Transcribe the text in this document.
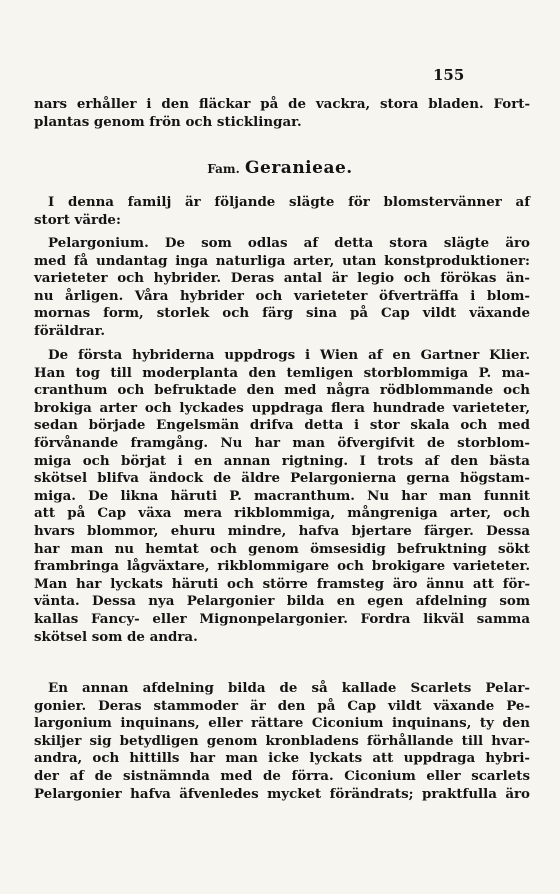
155
nars erhåller i den fläckar på de vackra, stora bladen. Fort-
plantas genom frön och sticklingar.
Fam. Geranieae.
I denna familj är följande slägte för blomstervänner af
stort värde:
Pelargonium. De som odlas af detta stora slägte äro
med få undantag inga naturliga arter, utan konstproduktioner:
varieteter och hybrider. Deras antal är legio och förökas än-
nu årligen. Våra hybrider och varieteter öfverträffa i blom-
mornas form, storlek och färg sina på Cap vildt växande
föräldrar.
De första hybriderna uppdrogs i Wien af en Gartner Klier.
Han tog till moderplanta den temligen storblommiga P. ma-
cranthum och befruktade den med några rödblommande och
brokiga arter och lyckades uppdraga flera hundrade varieteter,
sedan började Engelsmän drifva detta i stor skala och med
förvånande framgång. Nu har man öfvergifvit de storblom-
miga och börjat i en annan rigtning. I trots af den bästa
skötsel blifva ändock de äldre Pelargonierna gerna högstam-
miga. De likna häruti P. macranthum. Nu har man funnit
att på Cap växa mera rikblommiga, mångreniga arter, och
hvars blommor, ehuru mindre, hafva bjertare färger. Dessa
har man nu hemtat och genom ömsesidig befruktning sökt
frambringa lågväxtare, rikblommigare och brokigare varieteter.
Man har lyckats häruti och större framsteg äro ännu att för-
vänta. Dessa nya Pelargonier bilda en egen afdelning som
kallas Fancy- eller Mignonpelargonier. Fordra likväl samma
skötsel som de andra.
En annan afdelning bilda de så kallade Scarlets Pelar-
gonier. Deras stammoder är den på Cap vildt växande Pe-
largonium inquinans, eller rättare Ciconium inquinans, ty den
skiljer sig betydligen genom kronbladens förhållande till hvar-
andra, och hittills har man icke lyckats att uppdraga hybri-
der af de sistnämnda med de förra. Ciconium eller scarlets
Pelargonier hafva äfvenledes mycket förändrats; praktfulla äro
